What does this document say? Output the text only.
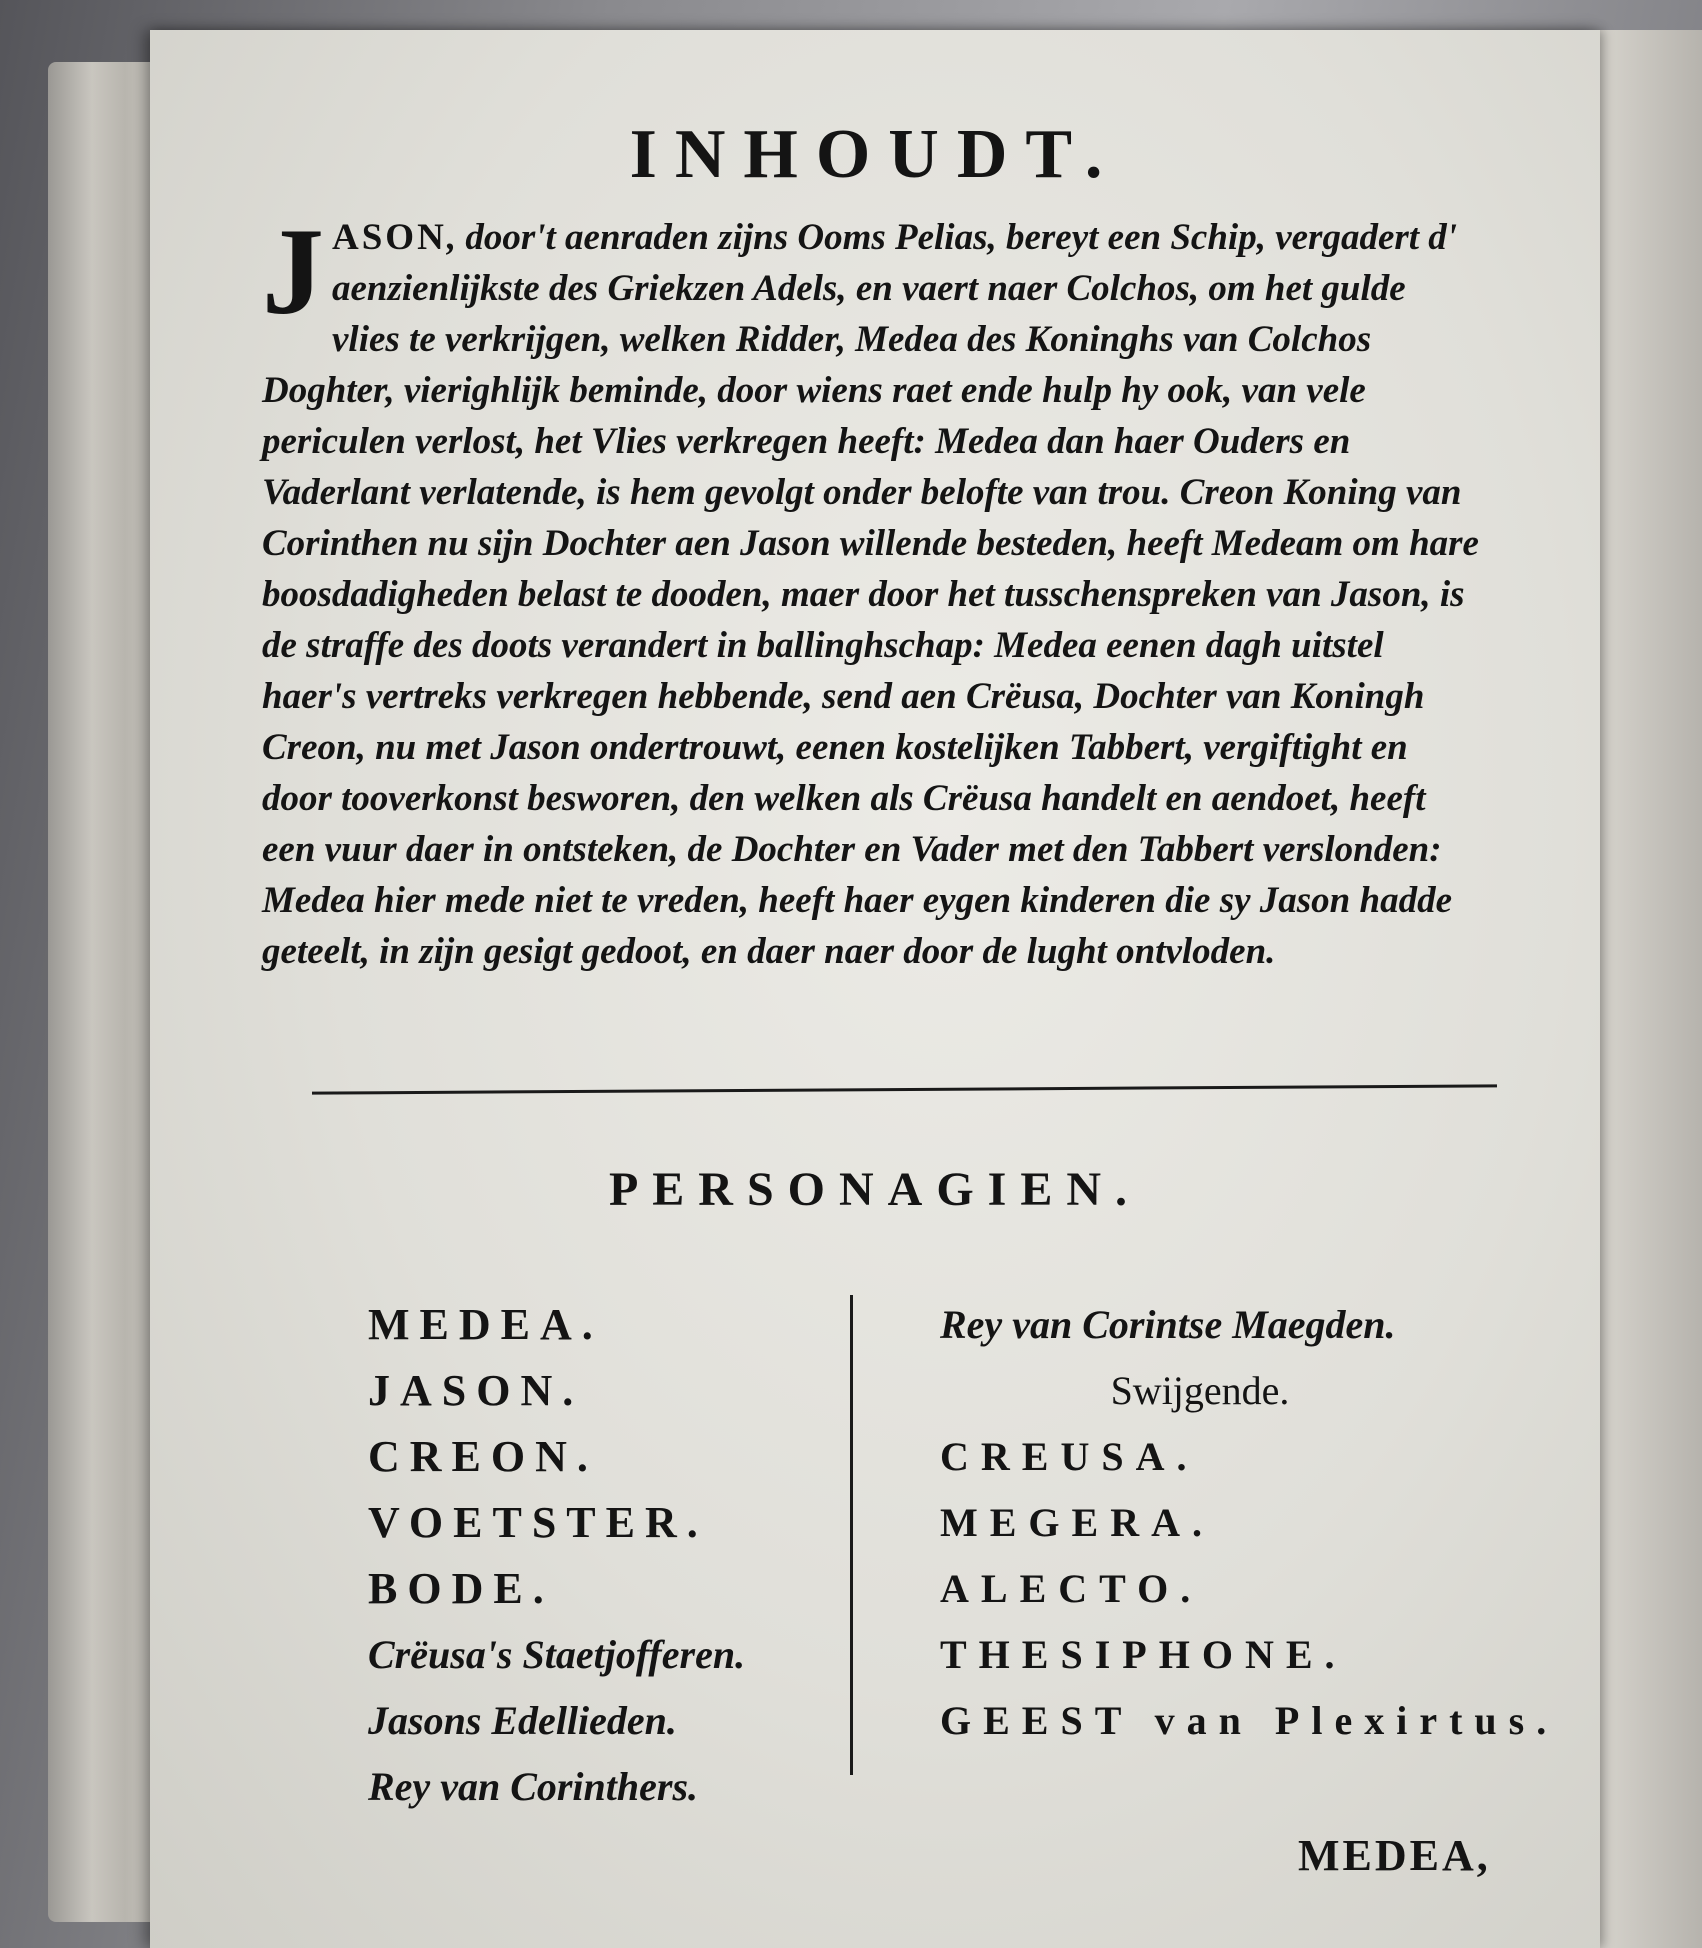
INHOUDT.
JASON, door't aenraden zijns Ooms Pelias, bereyt een Schip, vergadert d' aenzienlijkste des Griekzen Adels, en vaert naer Colchos, om het gulde vlies te verkrijgen, welken Ridder, Medea des Koninghs van Colchos Doghter, vierighlijk beminde, door wiens raet ende hulp hy ook, van vele periculen verlost, het Vlies verkregen heeft: Medea dan haer Ouders en Vaderlant verlatende, is hem gevolgt onder belofte van trou. Creon Koning van Corinthen nu sijn Dochter aen Jason willende besteden, heeft Medeam om hare boosdadigheden belast te dooden, maer door het tusschenspreken van Jason, is de straffe des doots verandert in ballinghschap: Medea eenen dagh uitstel haer's vertreks verkregen hebbende, send aen Crëusa, Dochter van Koningh Creon, nu met Jason ondertrouwt, eenen kostelijken Tabbert, vergiftight en door tooverkonst besworen, den welken als Crëusa handelt en aendoet, heeft een vuur daer in ontsteken, de Dochter en Vader met den Tabbert verslonden: Medea hier mede niet te vreden, heeft haer eygen kinderen die sy Jason hadde geteelt, in zijn gesigt gedoot, en daer naer door de lught ontvloden.
PERSONAGIEN.
MEDEA.
JASON.
CREON.
VOETSTER.
BODE.
Crëusa's Staetjofferen.
Jasons Edellieden.
Rey van Corinthers.
Rey van Corintse Maegden.
Swijgende.
CREUSA.
MEGERA.
ALECTO.
THESIPHONE.
GEEST van Plexirtus.
MEDEA,
